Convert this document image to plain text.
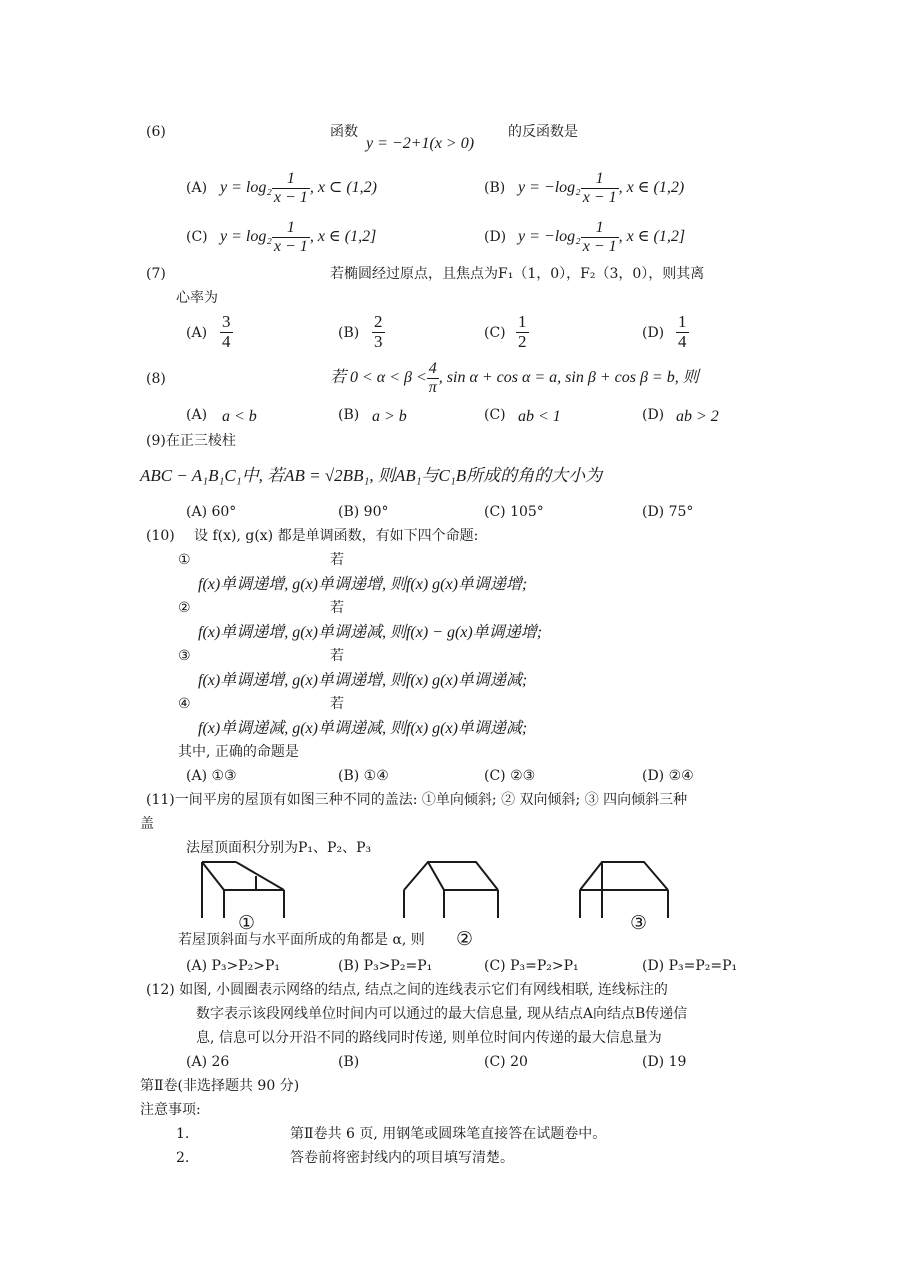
(6)	函数
y = −2+1(x > 0)
的反函数是
(A) $y = \log_2 \frac{1}{x - 1}$ , x ⊂ (1,2)	(B) $y = -\log_2 \frac{1}{x - 1}$ , x ∈ (1,2)
(C) $y = \log_2 \frac{1}{x - 1}$ , x ∈ (1,2]	(D) $y = -\log_2 \frac{1}{x - 1}$ , x ∈ (1,2]
(7)	若椭圆经过原点，且焦点为F₁（1，0），F₂（3，0），则其离
心率为
$(A) \frac{3}{4}$	$(B) \frac{2}{3}$	$(C) \frac{1}{2}$	$(D) \frac{1}{4}$
(8)	若 $0 < \alpha < \beta < \frac{4}{\pi}$ , sin α + cos α = a, sin β + cos β = b, 则
(A) a < b	(B) a > b	(C) ab < 1	(D) ab > 2
(9)在正三棱柱
ABC − A₁B₁C₁中, 若AB = √2BB₁, 则AB₁与C₁B所成的角的大小为
(A) 60°	(B) 90°	(C) 105°	(D) 75°
(10) 设 f(x), g(x) 都是单调函数，有如下四个命题:
①	若
f(x)单调递增, g(x)单调递增, 则f(x) g(x)单调递增;
②	若
f(x)单调递增, g(x)单调递减, 则f(x) − g(x)单调递增;
③	若
f(x)单调递增, g(x)单调递增, 则f(x) g(x)单调递减;
④	若
f(x)单调递减, g(x)单调递减, 则f(x) g(x)单调递减;
其中, 正确的命题是
(A) ①③	(B) ①④	(C) ②③	(D) ②④
(11)一间平房的屋顶有如图三种不同的盖法: ①单向倾斜; ② 双向倾斜; ③ 四向倾斜三种
盖
法屋顶面积分别为P₁、P₂、P₃
①
②
③
若屋顶斜面与水平面所成的角都是 α, 则
(A) P₃>P₂>P₁	(B) P₃>P₂=P₁	(C) P₃=P₂>P₁	(D) P₃=P₂=P₁
(12) 如图, 小圆圈表示网络的结点, 结点之间的连线表示它们有网线相联, 连线标注的
数字表示该段网线单位时间内可以通过的最大信息量, 现从结点A向结点B传递信
息, 信息可以分开沿不同的路线同时传递, 则单位时间内传递的最大信息量为
(A) 26	(B)	(C) 20	(D) 19
第Ⅱ卷(非选择题共 90 分)
注意事项:
1.	第Ⅱ卷共 6 页, 用钢笔或圆珠笔直接答在试题卷中。
2.	答卷前将密封线内的项目填写清楚。
